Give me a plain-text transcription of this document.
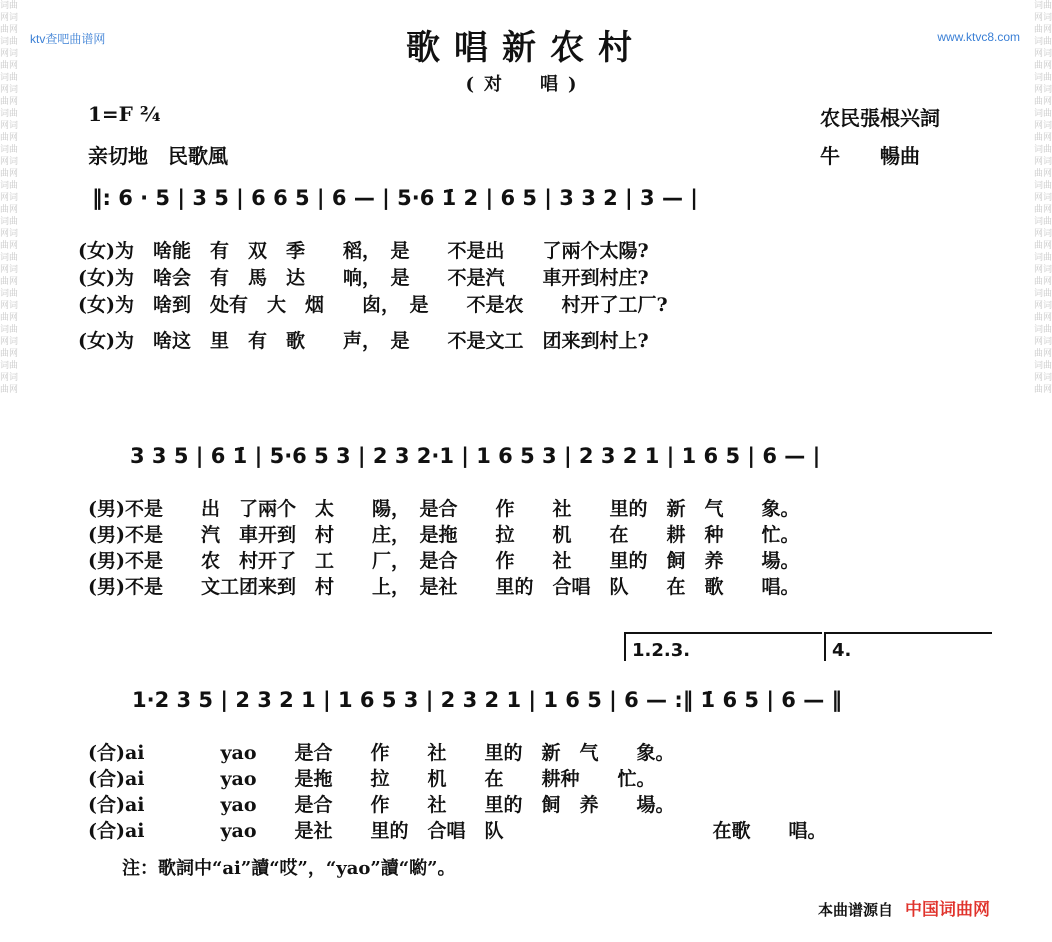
词曲网词曲网词曲网词曲网词曲网词曲网词曲网词曲网词曲网词曲网词曲网词曲网词曲网词曲网词曲网词曲网词曲网词曲网词曲网词曲网词曲网词曲网
词曲网词曲网词曲网词曲网词曲网词曲网词曲网词曲网词曲网词曲网词曲网词曲网词曲网词曲网词曲网词曲网词曲网词曲网词曲网词曲网词曲网词曲网
ktv查吧曲谱网	www.ktvc8.com
歌唱新农村
(对　唱)
1=F ²⁄₄
亲切地　民歌風
农民張根兴詞
牛　　暢曲
‖: 6 · 5 | 3 5 | 6 6 5 | 6 — | 5·6 1̇ 2 | 6 5 | 3 3 2 | 3 — |
(女)为　啥能　有　双　季　　稻，　是　　不是出　　了兩个太陽?
(女)为　啥会　有　馬　达　　响，　是　　不是汽　　車开到村庄?
(女)为　啥到　处有　大　烟　　囱，　是　　不是农　　村开了工厂?
(女)为　啥这　里　有　歌　　声，　是　　不是文工　团来到村上?
3 3 5 | 6 1̇ | 5·6 5 3 | 2 3 2·1 | 1 6 5 3 | 2 3 2 1 | 1 6 5 | 6 — |
(男)不是　　出　了兩个　太　　陽，　是合　　作　　社　　里的　新　气　　象。
(男)不是　　汽　車开到　村　　庄，　是拖　　拉　　机　　在　　耕　种　　忙。
(男)不是　　农　村开了　工　　厂，　是合　　作　　社　　里的　飼　养　　場。
(男)不是　　文工团来到　村　　上，　是社　　里的　合唱　队　　在　歌　　唱。
1.2.3.	4.
1·2 3 5 | 2 3 2 1 | 1 6 5 3 | 2 3 2 1 | 1 6 5 | 6 — :‖ 1̇ 6 5 | 6 — ‖
(合)ai　　　　yao　　是合　　作　　社　　里的　新　气　　象。
(合)ai　　　　yao　　是拖　　拉　　机　　在　　耕种　　忙。
(合)ai　　　　yao　　是合　　作　　社　　里的　飼　养　　場。
(合)ai　　　　yao　　是社　　里的　合唱　队　　　　　　　　　　　在歌　　唱。
注：歌詞中“ai”讀“哎”，“yao”讀“喲”。
本曲谱源自 中国词曲网
